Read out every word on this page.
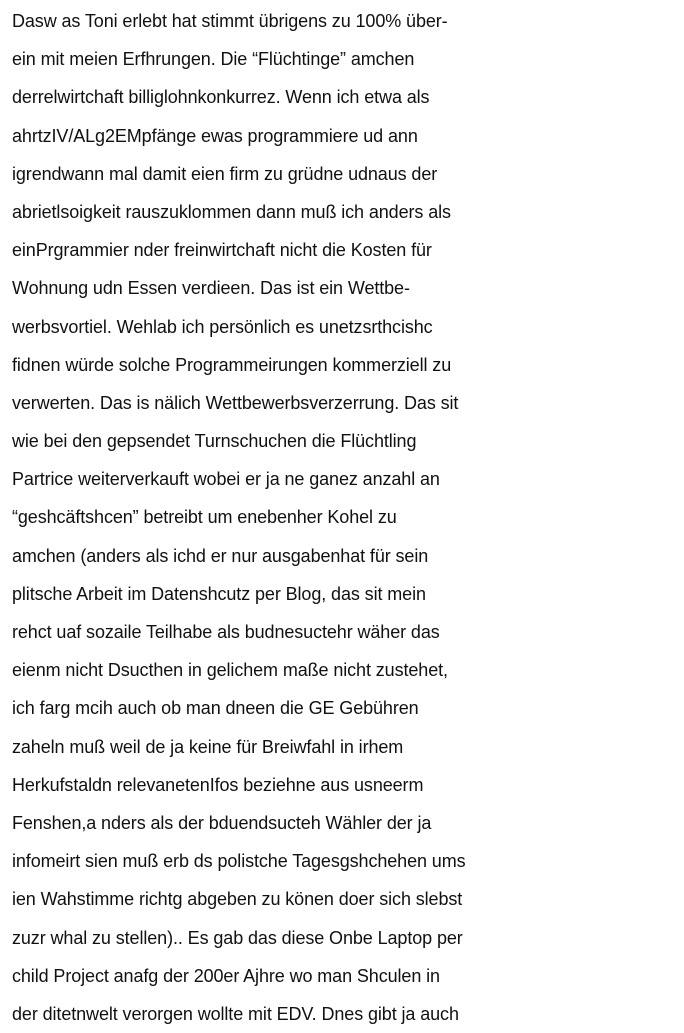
Dasw as Toni erlebt hat stimmt übrigens zu 100% über-
ein mit meien Erfhrungen. Die “Flüchtinge” amchen
derrelwirtchaft billiglohnkonkurrez. Wenn ich etwa als
ahrtzIV/ALg2EMpfänge ewas programmiere ud ann
igrendwann mal damit eien firm zu grüdne udnaus der
abrietlsoigkeit rauszuklommen dann muß ich anders als
einPrgrammier nder freinwirtchaft nicht die Kosten für
Wohnung udn Essen verdieen. Das ist ein Wettbe-
werbsvortiel. Wehlab ich persönlich es unetzsrthcishc
fidnen würde solche Programmeirungen kommerziell zu
verwerten. Das is nälich Wettbewerbsverzerrung. Das sit
wie bei den gepsendet Turnschuchen die Flüchtling
Partrice weiterverkauft wobei er ja ne ganez anzahl an
“geshcäftshcen” betreibt um enebenher Kohel zu
amchen (anders als ichd er nur ausgabenhat für sein
plitsche Arbeit im Datenshcutz per Blog, das sit mein
rehct uaf sozaile Teilhabe als budnesuctehr wäher das
eienm nicht Dsucthen in gelichem maße nicht zustehet,
ich farg mcih auch ob man dneen die GE Gebühren
zaheln muß weil de ja keine für Breiwfahl in irhem
Herkufstaldn relevanetenIfos beziehne aus usneerm
Fenshen,a nders als der bduendsucteh Wähler der ja
infomeirt sien muß erb ds polistche Tagesgshchehen ums
ien Wahstimme richtg abgeben zu könen doer sich slebst
zuzr whal zu stellen).. Es gab das diese Onbe Laptop per
child Project anafg der 200er Ajhre wo man Shculen in
der ditetnwelt verorgen wollte mit EDV. Dnes gibt ja auch
